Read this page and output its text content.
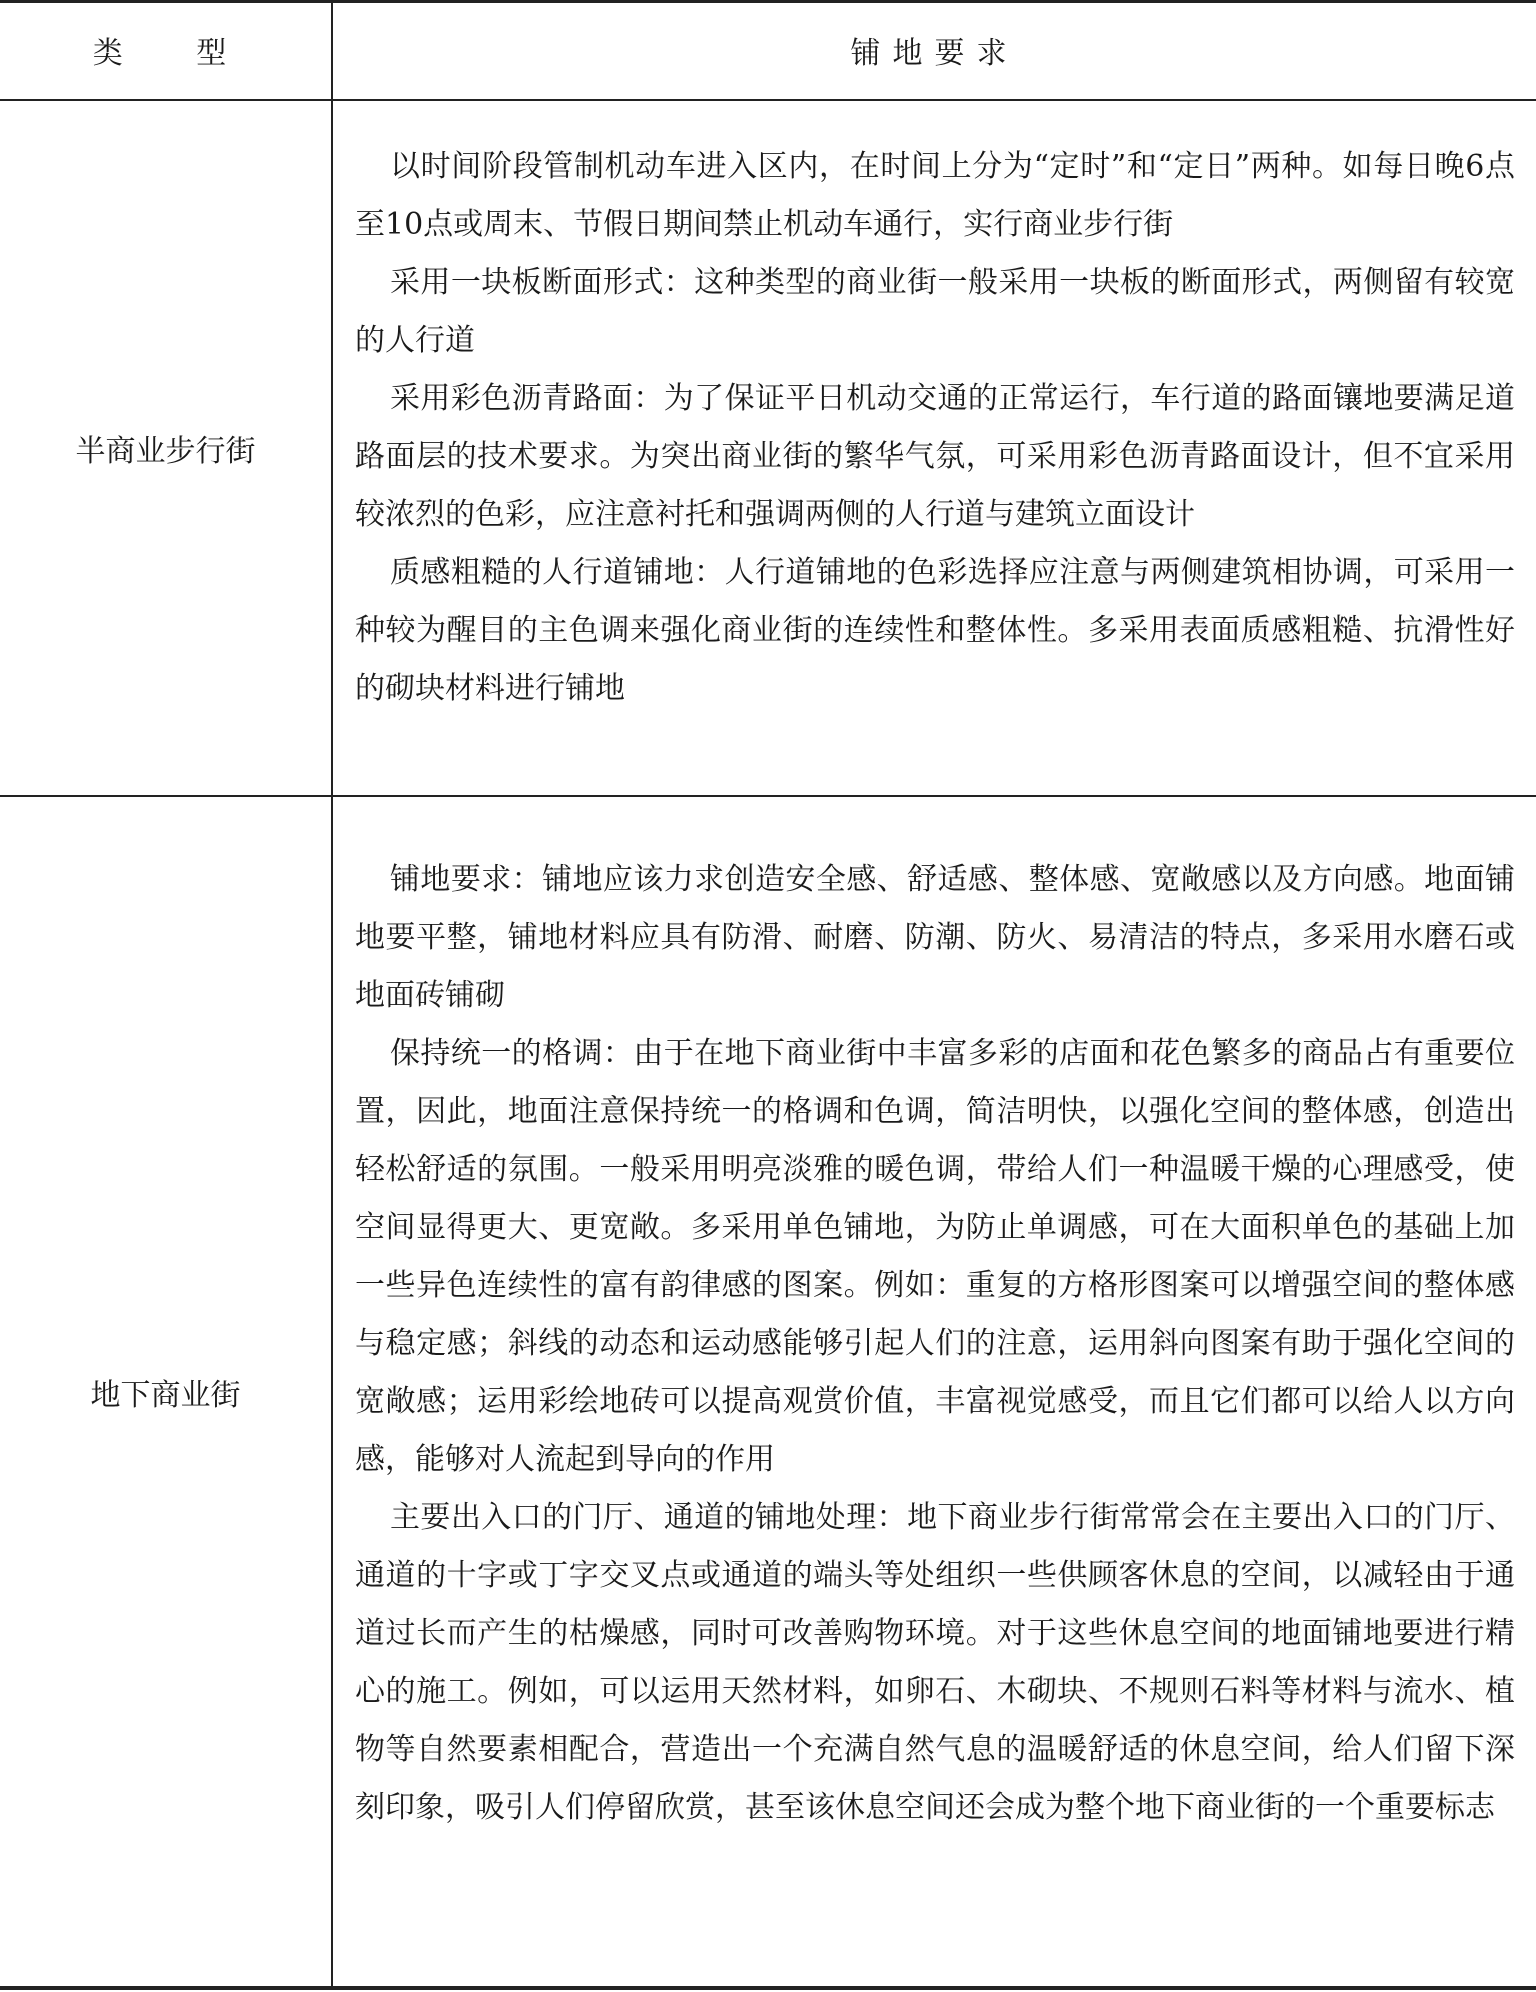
类 型	铺地要求
半商业步行街

以时间阶段管制机动车进入区内，在时间上分为“定时”和“定日”两种。如每日晚6点至10点或周末、节假日期间禁止机动车通行，实行商业步行街

采用一块板断面形式：这种类型的商业街一般采用一块板的断面形式，两侧留有较宽的人行道

采用彩色沥青路面：为了保证平日机动交通的正常运行，车行道的路面镶地要满足道路面层的技术要求。为突出商业街的繁华气氛，可采用彩色沥青路面设计，但不宜采用较浓烈的色彩，应注意衬托和强调两侧的人行道与建筑立面设计

质感粗糙的人行道铺地：人行道铺地的色彩选择应注意与两侧建筑相协调，可采用一种较为醒目的主色调来强化商业街的连续性和整体性。多采用表面质感粗糙、抗滑性好的砌块材料进行铺地

地下商业街

铺地要求：铺地应该力求创造安全感、舒适感、整体感、宽敞感以及方向感。地面铺地要平整，铺地材料应具有防滑、耐磨、防潮、防火、易清洁的特点，多采用水磨石或地面砖铺砌

保持统一的格调：由于在地下商业街中丰富多彩的店面和花色繁多的商品占有重要位置，因此，地面注意保持统一的格调和色调，简洁明快，以强化空间的整体感，创造出轻松舒适的氛围。一般采用明亮淡雅的暖色调，带给人们一种温暖干燥的心理感受，使空间显得更大、更宽敞。多采用单色铺地，为防止单调感，可在大面积单色的基础上加一些异色连续性的富有韵律感的图案。例如：重复的方格形图案可以增强空间的整体感与稳定感；斜线的动态和运动感能够引起人们的注意，运用斜向图案有助于强化空间的宽敞感；运用彩绘地砖可以提高观赏价值，丰富视觉感受，而且它们都可以给人以方向感，能够对人流起到导向的作用

主要出入口的门厅、通道的铺地处理：地下商业步行街常常会在主要出入口的门厅、通道的十字或丁字交叉点或通道的端头等处组织一些供顾客休息的空间，以减轻由于通道过长而产生的枯燥感，同时可改善购物环境。对于这些休息空间的地面铺地要进行精心的施工。例如，可以运用天然材料，如卵石、木砌块、不规则石料等材料与流水、植物等自然要素相配合，营造出一个充满自然气息的温暖舒适的休息空间，给人们留下深刻印象，吸引人们停留欣赏，甚至该休息空间还会成为整个地下商业街的一个重要标志
